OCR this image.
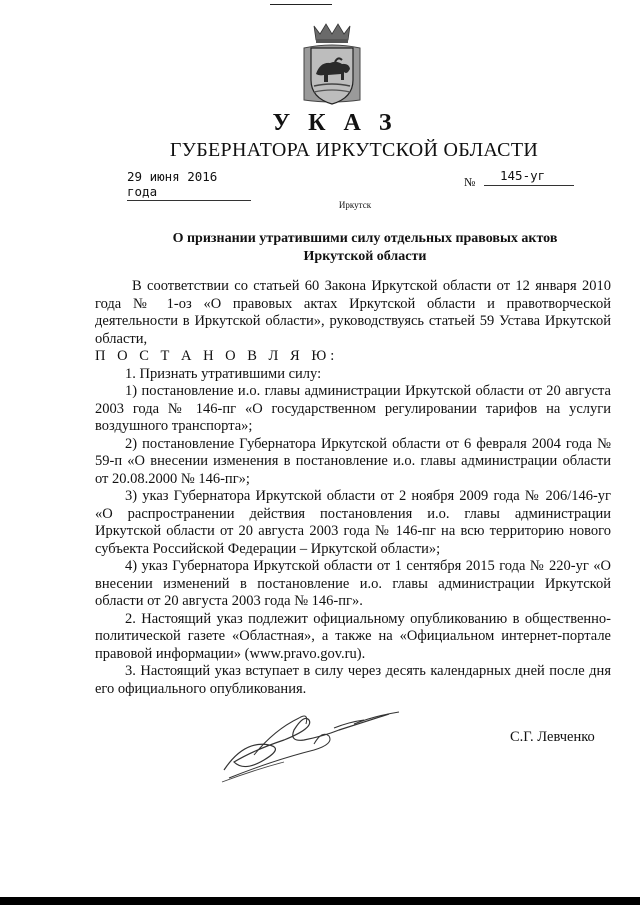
У К А З
ГУБЕРНАТОРА ИРКУТСКОЙ ОБЛАСТИ
29 июня 2016 года
№	145-уг
Иркутск
О признании утратившими силу отдельных правовых актов
Иркутской области

В соответствии со статьей 60 Закона Иркутской области от 12 января 2010 года № 1-оз «О правовых актах Иркутской области и правотворческой деятельности в Иркутской области», руководствуясь статьей 59 Устава Иркутской области,

П О С Т А Н О В Л Я Ю:

1. Признать утратившими силу:

1) постановление и.о. главы администрации Иркутской области от 20 августа 2003 года № 146-пг «О государственном регулировании тарифов на услуги воздушного транспорта»;

2) постановление Губернатора Иркутской области от 6 февраля 2004 года № 59-п «О внесении изменения в постановление и.о. главы администрации области от 20.08.2000 № 146-пг»;

3) указ Губернатора Иркутской области от 2 ноября 2009 года № 206/146-уг «О распространении действия постановления и.о. главы администрации Иркутской области от 20 августа 2003 года № 146-пг на всю территорию нового субъекта Российской Федерации – Иркутской области»;

4) указ Губернатора Иркутской области от 1 сентября 2015 года № 220-уг «О внесении изменений в постановление и.о. главы администрации Иркутской области от 20 августа 2003 года № 146-пг».

2. Настоящий указ подлежит официальному опубликованию в общественно-политической газете «Областная», а также на «Официальном интернет-портале правовой информации» (www.pravo.gov.ru).

3. Настоящий указ вступает в силу через десять календарных дней после дня его официального опубликования.

С.Г. Левченко
